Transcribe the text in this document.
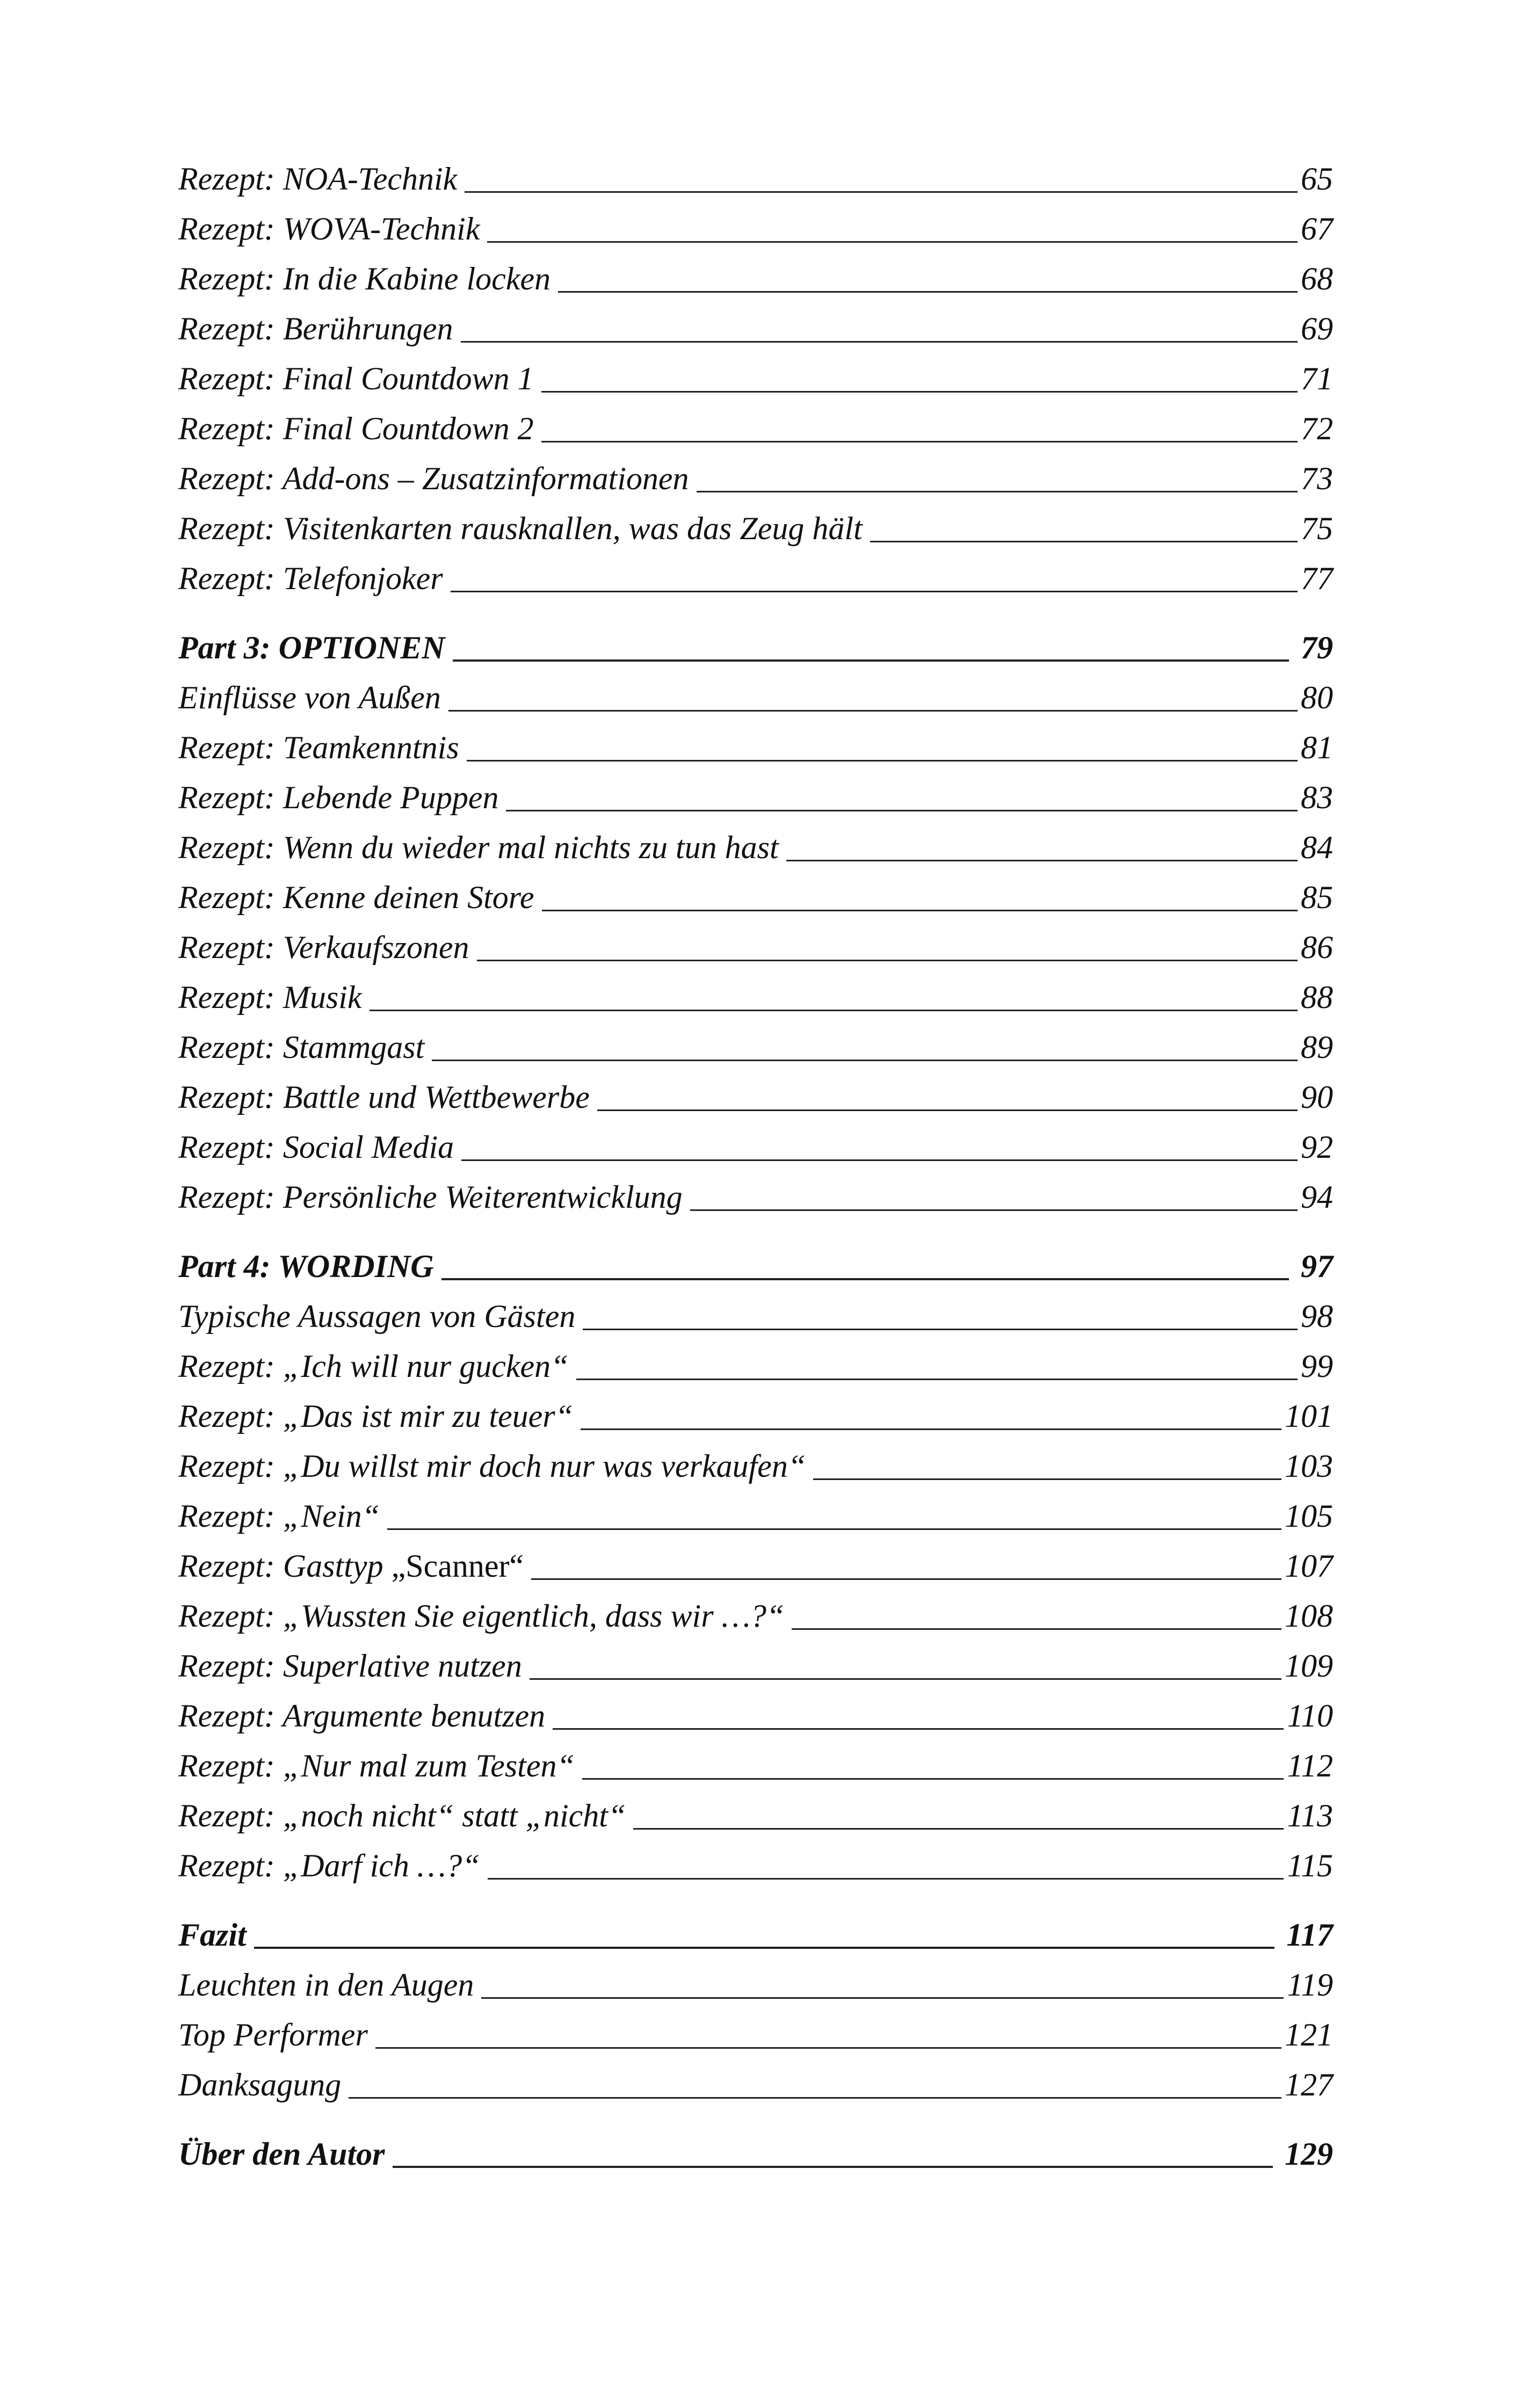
Rezept: NOA-Technik	65
Rezept: WOVA-Technik	67
Rezept: In die Kabine locken	68
Rezept: Berührungen	69
Rezept: Final Countdown 1	71
Rezept: Final Countdown 2	72
Rezept: Add-ons – Zusatzinformationen	73
Rezept: Visitenkarten rausknallen, was das Zeug hält	75
Rezept: Telefonjoker	77
Part 3: OPTIONEN	79
Einflüsse von Außen	80
Rezept: Teamkenntnis	81
Rezept: Lebende Puppen	83
Rezept: Wenn du wieder mal nichts zu tun hast	84
Rezept: Kenne deinen Store	85
Rezept: Verkaufszonen	86
Rezept: Musik	88
Rezept: Stammgast	89
Rezept: Battle und Wettbewerbe	90
Rezept: Social Media	92
Rezept: Persönliche Weiterentwicklung	94
Part 4: WORDING	97
Typische Aussagen von Gästen	98
Rezept: „Ich will nur gucken“	99
Rezept: „Das ist mir zu teuer“	101
Rezept: „Du willst mir doch nur was verkaufen“	103
Rezept: „Nein“	105
Rezept: Gasttyp „Scanner“	107
Rezept: „Wussten Sie eigentlich, dass wir …?“	108
Rezept: Superlative nutzen	109
Rezept: Argumente benutzen	110
Rezept: „Nur mal zum Testen“	112
Rezept: „noch nicht“ statt „nicht“	113
Rezept: „Darf ich …?“	115
Fazit	117
Leuchten in den Augen	119
Top Performer	121
Danksagung	127
Über den Autor	129
